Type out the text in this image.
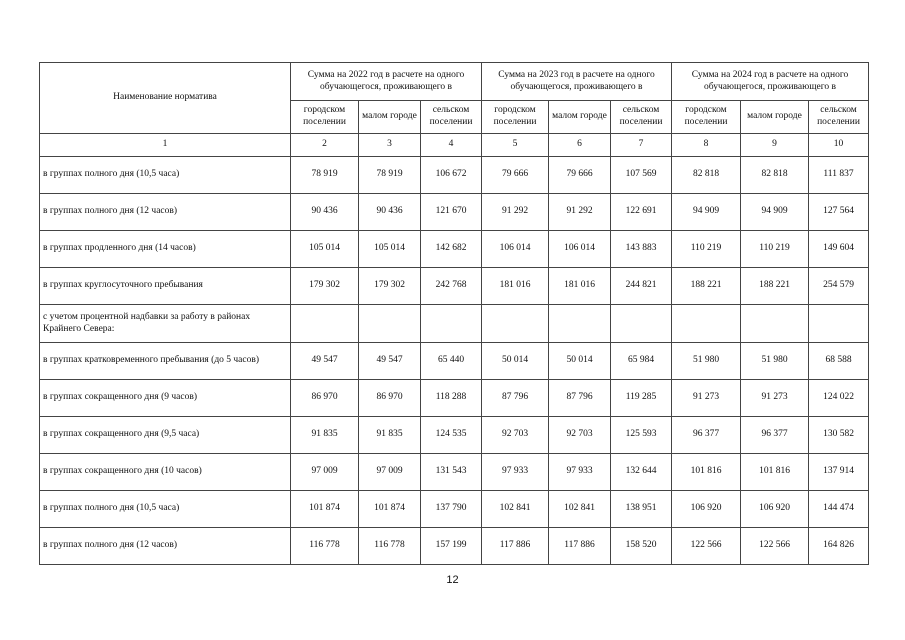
Наименование норматива	Сумма на 2022 год в расчете на одного обучающегося, проживающего в			Сумма на 2023 год в расчете на одного обучающегося, проживающего в			Сумма на 2024 год в расчете на одного обучающегося, проживающего в		
	городском поселении	малом городе	сельском поселении	городском поселении	малом городе	сельском поселении	городском поселении	малом городе	сельском поселении
1	2	3	4	5	6	7	8	9	10
в группах полного дня (10,5 часа)	78 919	78 919	106 672	79 666	79 666	107 569	82 818	82 818	111 837
в группах полного дня (12 часов)	90 436	90 436	121 670	91 292	91 292	122 691	94 909	94 909	127 564
в группах продленного дня (14 часов)	105 014	105 014	142 682	106 014	106 014	143 883	110 219	110 219	149 604
в группах круглосуточного пребывания	179 302	179 302	242 768	181 016	181 016	244 821	188 221	188 221	254 579
с учетом процентной надбавки за работу в районах Крайнего Севера:									
в группах кратковременного пребывания (до 5 часов)	49 547	49 547	65 440	50 014	50 014	65 984	51 980	51 980	68 588
в группах сокращенного дня (9 часов)	86 970	86 970	118 288	87 796	87 796	119 285	91 273	91 273	124 022
в группах сокращенного дня (9,5 часа)	91 835	91 835	124 535	92 703	92 703	125 593	96 377	96 377	130 582
в группах сокращенного дня (10 часов)	97 009	97 009	131 543	97 933	97 933	132 644	101 816	101 816	137 914
в группах полного дня (10,5 часа)	101 874	101 874	137 790	102 841	102 841	138 951	106 920	106 920	144 474
в группах полного дня (12 часов)	116 778	116 778	157 199	117 886	117 886	158 520	122 566	122 566	164 826
12
